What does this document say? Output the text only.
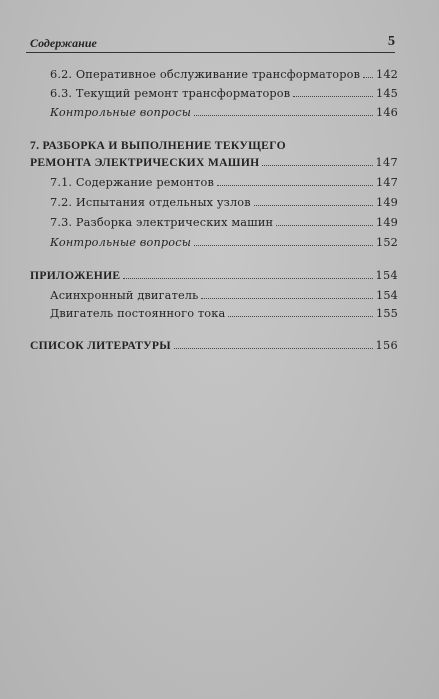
Содержание	5
6.2. Оперативное обслуживание трансформаторов 142
6.3. Текущий ремонт трансформаторов	145
Контрольные вопросы	146
7. РАЗБОРКА И ВЫПОЛНЕНИЕ ТЕКУЩЕГО
РЕМОНТА ЭЛЕКТРИЧЕСКИХ МАШИН	147
7.1. Содержание ремонтов	147
7.2. Испытания отдельных узлов	149
7.3. Разборка электрических машин	149
Контрольные вопросы	152
ПРИЛОЖЕНИЕ	154
Асинхронный двигатель	154
Двигатель постоянного тока	155
СПИСОК ЛИТЕРАТУРЫ	156
